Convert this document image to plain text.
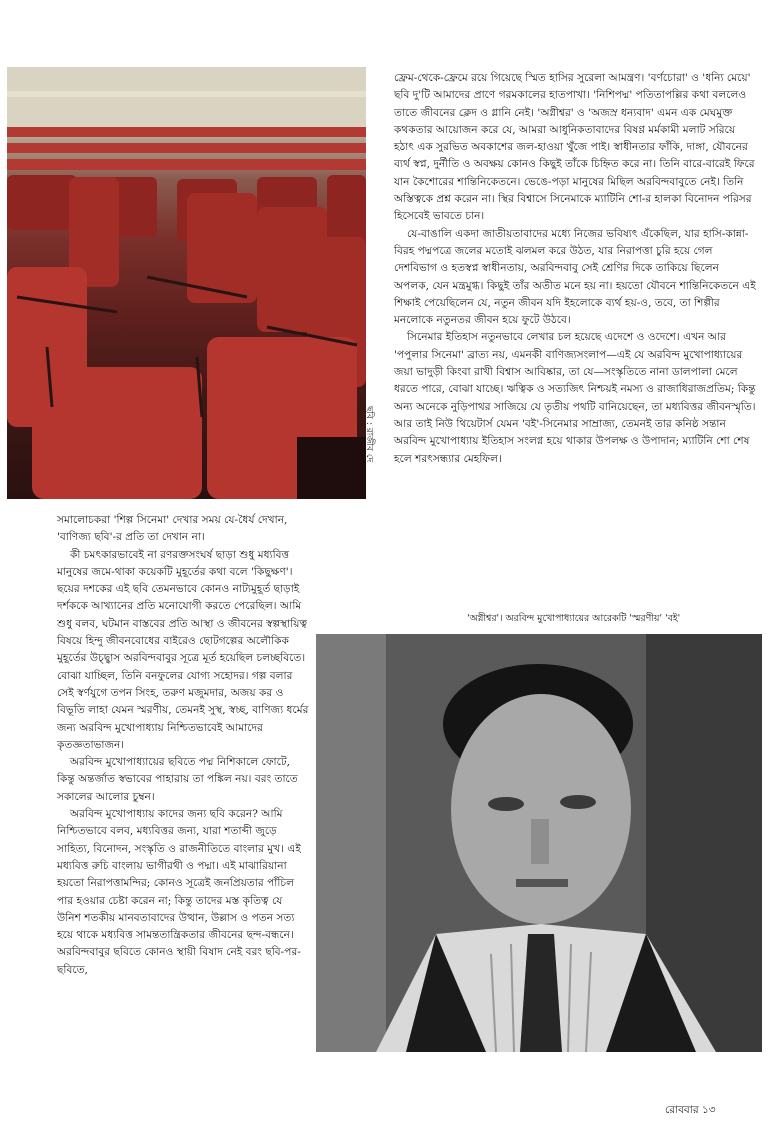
ছবি : রাজীব দে

ফ্রেম-থেকে-ফ্রেমে রয়ে গিয়েছে স্মিত হাসির সুরেলা আমন্ত্রণ। 'বর্ণচোরা' ও 'ধন্যি মেয়ে' ছবি দু'টি আমাদের প্রাণে গরমকালের হাতপাখা। 'নিশিপদ্ম' পতিতাপল্লির কথা বললেও তাতে জীবনের ক্লেদ ও গ্লানি নেই। 'অগ্নীশ্বর' ও 'অজস্র ধন্যবাদ' এমন এক মেঘমুক্ত কথকতার আয়োজন করে যে, আমরা আধুনিকতাবাদের বিষণ্ণ মর্মকামী মলাট সরিয়ে হঠাৎ এক সুরভিত অবকাশের জল-হাওয়া খুঁজে পাই। স্বাধীনতার ফাঁকি, দাঙ্গা, যৌবনের ব্যর্থ স্বপ্ন, দুর্নীতি ও অবক্ষয় কোনও কিছুই তাঁকে চিহ্নিত করে না। তিনি বারে-বারেই ফিরে যান কৈশোরের শান্তিনিকেতনে। ভেঙে-পড়া মানুষের মিছিল অরবিন্দবাবুতে নেই। তিনি অস্তিত্বকে প্রশ্ন করেন না। স্থির বিশ্বাসে সিনেমাকে ম্যাটিনি শো-র হালকা বিনোদন পরিসর হিসেবেই ভাবতে চান।

যে-বাঙালি একদা জাতীয়তাবাদের মধ্যে নিজের ভবিষ্যৎ এঁকেছিল, যার হাসি-কান্না-বিরহ পদ্মপত্রে জলের মতোই ঝলমল করে উঠত, যার নিরাপত্তা চুরি হয়ে গেল দেশবিভাগ ও হতস্বপ্ন স্বাধীনতায়, অরবিন্দবাবু সেই শ্রেণির দিকে তাকিয়ে ছিলেন অপলক, যেন মন্ত্রমুগ্ধ। কিছুই তাঁর অতীত মনে হয় না। হয়তো যৌবনে শান্তিনিকেতনে এই শিক্ষাই পেয়েছিলেন যে, নতুন জীবন যদি ইহলোকে ব্যর্থ হয়-ও, তবে, তা শিল্পীর মনলোকে নতুনতর জীবন হয়ে ফুটে উঠবে।

সিনেমার ইতিহাস নতুনভাবে লেখার চল হয়েছে এদেশে ও ওদেশে। এখন আর 'পপুলার সিনেমা' ব্রাত্য নয়, এমনকী বাণিজ্যসংলাপ—এই যে অরবিন্দ মুখোপাধ্যায়ের জয়া ভাদুড়ী কিংবা রাখী বিশ্বাস আবিষ্কার, তা যে—সংস্কৃতিতে নানা ডালপালা মেলে ধরতে পারে, বোঝা যাচ্ছে। ঋত্বিক ও সত্যজিৎ নিশ্চয়ই নমস্য ও রাজাধিরাজপ্রতিম; কিন্তু অন্য অনেকে নুড়িপাথর সাজিয়ে যে তৃতীয় পথটি বানিয়েছেন, তা মধ্যবিত্তর জীবনস্মৃতি। আর তাই নিউ থিয়েটার্স যেমন 'বই'-সিনেমার সাম্রাজ্য, তেমনই তার কনিষ্ঠ সন্তান অরবিন্দ মুখোপাধ্যায় ইতিহাস সংলগ্ন হয়ে থাকার উপলক্ষ ও উপাদান; ম্যাটিনি শো শেষ হলে শরৎসন্ধ্যার মেহফিল।

সমালোচকরা 'শিল্প সিনেমা' দেখার সময় যে-ধৈর্য দেখান, 'বাণিজ্য ছবি'-র প্রতি তা দেখান না।

কী চমৎকারভাবেই না রণরক্তসংঘর্ষ ছাড়া শুধু মধ্যবিত্ত মানুষের জমে-থাকা কয়েকটি মুহূর্তের কথা বলে 'কিছুক্ষণ'। ছয়ের দশকের এই ছবি তেমনভাবে কোনও নাট্যমুহূর্ত ছাড়াই দর্শককে আখ্যানের প্রতি মনোযোগী করতে পেরেছিল। আমি শুধু বলব, ঘটমান বাস্তবের প্রতি আস্থা ও জীবনের স্বল্পস্থায়িত্ব বিষয়ে হিন্দু জীবনবোধের বাইরেও ছোটগল্পের অলৌকিক মুহূর্তের উচ্ছ্বাস অরবিন্দবাবুর সূত্রে মূর্ত হয়েছিল চলচ্ছবিতে। বোঝা যাচ্ছিল, তিনি বনফুলের যোগ্য সহোদর। গল্প বলার সেই স্বর্ণযুগে তপন সিংহ, তরুণ মজুমদার, অজয় কর ও বিভূতি লাহা যেমন স্মরণীয়, তেমনই সুস্থ, স্বচ্ছ, বাণিজ্য ধর্মের জন্য অরবিন্দ মুখোপাধ্যায় নিশ্চিতভাবেই আমাদের কৃতজ্ঞতাভাজন।

অরবিন্দ মুখোপাধ্যায়ের ছবিতে পদ্ম নিশিকালে ফোটে, কিন্তু অন্তর্জাত স্বভাবের পাহারায় তা পঙ্কিল নয়। বরং তাতে সকালের আলোর চুম্বন।

অরবিন্দ মুখোপাধ্যায় কাদের জন্য ছবি করেন? আমি নিশ্চিতভাবে বলব, মধ্যবিত্তর জন্য, যারা শতাব্দী জুড়ে সাহিত্য, বিনোদন, সংস্কৃতি ও রাজনীতিতে বাংলার মুখ। এই মধ্যবিত্ত রুচি বাংলায় ভাগীরথী ও পদ্মা। এই মাঝারিয়ানা হয়তো নিরাপত্তামন্দির; কোনও সূত্রেই জনপ্রিয়তার পাঁচিল পার হওয়ার চেষ্টা করেন না; কিন্তু তাদের মস্ত কৃতিত্ব যে উনিশ শতকীয় মানবতাবাদের উত্থান, উল্লাস ও পতন সত্য হয়ে থাকে মধ্যবিত্ত সামন্ততান্ত্রিকতার জীবনের ছন্দ-বন্ধনে। অরবিন্দবাবুর ছবিতে কোনও স্থায়ী বিষাদ নেই বরং ছবি-পর-ছবিতে,

'অগ্নীশ্বর'। অরবিন্দ মুখোপাধ্যায়ের আরেকটি 'স্মরণীয়' 'বই'
রোববার ১৩
